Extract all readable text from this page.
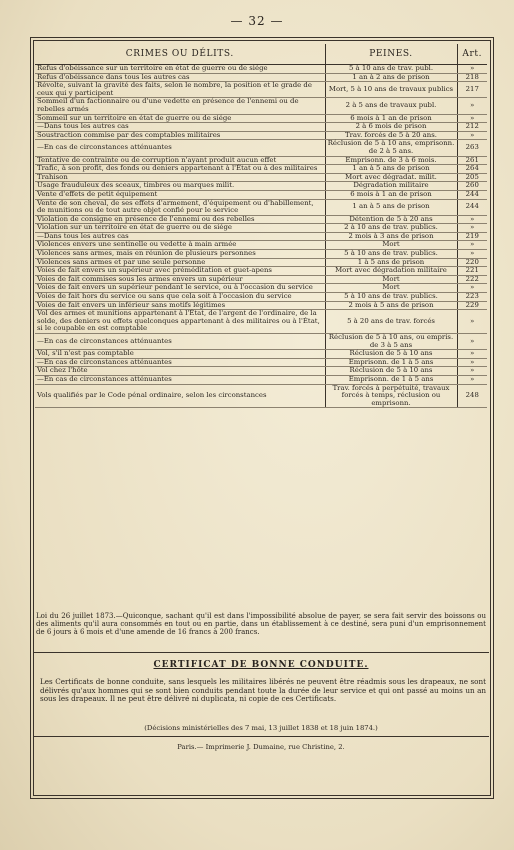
— 32 —
CRIMES OU DÉLITS.	PEINES.	Art.
Refus d'obéissance sur un territoire en état de guerre ou de siége	5 à 10 ans de trav. publ.	»
Refus d'obéissance dans tous les autres cas	1 an à 2 ans de prison	218
Révolte, suivant la gravité des faits, selon le nombre, la position et le grade de ceux qui y participent	Mort, 5 à 10 ans de travaux publics	217
Sommeil d'un factionnaire ou d'une vedette en présence de l'ennemi ou de rebelles armés	2 à 5 ans de travaux publ.	»
Sommeil sur un territoire en état de guerre ou de siége	6 mois à 1 an de prison	»
—Dans tous les autres cas	2 à 6 mois de prison	212
Soustraction commise par des comptables militaires	Trav. forcés de 5 à 20 ans.	»
—En cas de circonstances atténuantes	Réclusion de 5 à 10 ans, emprisonn. de 2 à 5 ans.	263
Tentative de contrainte ou de corruption n'ayant produit aucun effet	Emprisonn. de 3 à 6 mois.	261
Trafic, à son profit, des fonds ou deniers appartenant à l'État ou à des militaires	1 an à 5 ans de prison	264
Trahison	Mort avec dégradat. milit.	205
Usage frauduleux des sceaux, timbres ou marques milit.	Dégradation militaire	260
Vente d'effets de petit équipement	6 mois à 1 an de prison	244
Vente de son cheval, de ses effets d'armement, d'équipement ou d'habillement, de munitions ou de tout autre objet confié pour le service	1 an à 5 ans de prison	244
Violation de consigne en présence de l'ennemi ou des rebelles	Détention de 5 à 20 ans	»
Violation sur un territoire en état de guerre ou de siége	2 à 10 ans de trav. publics.	»
—Dans tous les autres cas	2 mois à 3 ans de prison	219
Violences envers une sentinelle ou vedette à main armée	Mort	»
Violences sans armes, mais en réunion de plusieurs personnes	5 à 10 ans de trav. publics.	»
Violences sans armes et par une seule personne	1 à 5 ans de prison	220
Voies de fait envers un supérieur avec préméditation et guet-apens	Mort avec dégradation militaire	221
Voies de fait commises sous les armes envers un supérieur	Mort	222
Voies de fait envers un supérieur pendant le service, ou à l'occasion du service	Mort	»
Voies de fait hors du service ou sans que cela soit à l'occasion du service	5 à 10 ans de trav. publics.	223
Voies de fait envers un inférieur sans motifs légitimes	2 mois à 5 ans de prison	229
Vol des armes et munitions appartenant à l'État, de l'argent de l'ordinaire, de la solde, des deniers ou effets quelconques appartenant à des militaires ou à l'État, si le coupable en est comptable	5 à 20 ans de trav. forcés	»
—En cas de circonstances atténuantes	Réclusion de 5 à 10 ans, ou empris. de 3 à 5 ans	»
Vol, s'il n'est pas comptable	Réclusion de 5 à 10 ans	»
—En cas de circonstances atténuantes	Emprisonn. de 1 à 5 ans	»
Vol chez l'hôte	Réclusion de 5 à 10 ans	»
—En cas de circonstances atténuantes	Emprisonn. de 1 à 5 ans	»
Vols qualifiés par le Code pénal ordinaire, selon les circonstances	Trav. forcés à perpétuité, travaux forcés à temps, réclusion ou emprisonn.	248
Loi du 26 juillet 1873.—Quiconque, sachant qu'il est dans l'impossibilité absolue de payer, se sera fait servir des boissons ou des aliments qu'il aura consommés en tout ou en partie, dans un établissement à ce destiné, sera puni d'un emprisonnement de 6 jours à 6 mois et d'une amende de 16 francs à 200 francs.
CERTIFICAT DE BONNE CONDUITE.
Les Certificats de bonne conduite, sans lesquels les militaires libérés ne peuvent être réadmis sous les drapeaux, ne sont délivrés qu'aux hommes qui se sont bien conduits pendant toute la durée de leur service et qui ont passé au moins un an sous les drapeaux. Il ne peut être délivré ni duplicata, ni copie de ces Certificats.
(Décisions ministérielles des 7 mai, 13 juillet 1838 et 18 juin 1874.)
Paris.— Imprimerie J. Dumaine, rue Christine, 2.
